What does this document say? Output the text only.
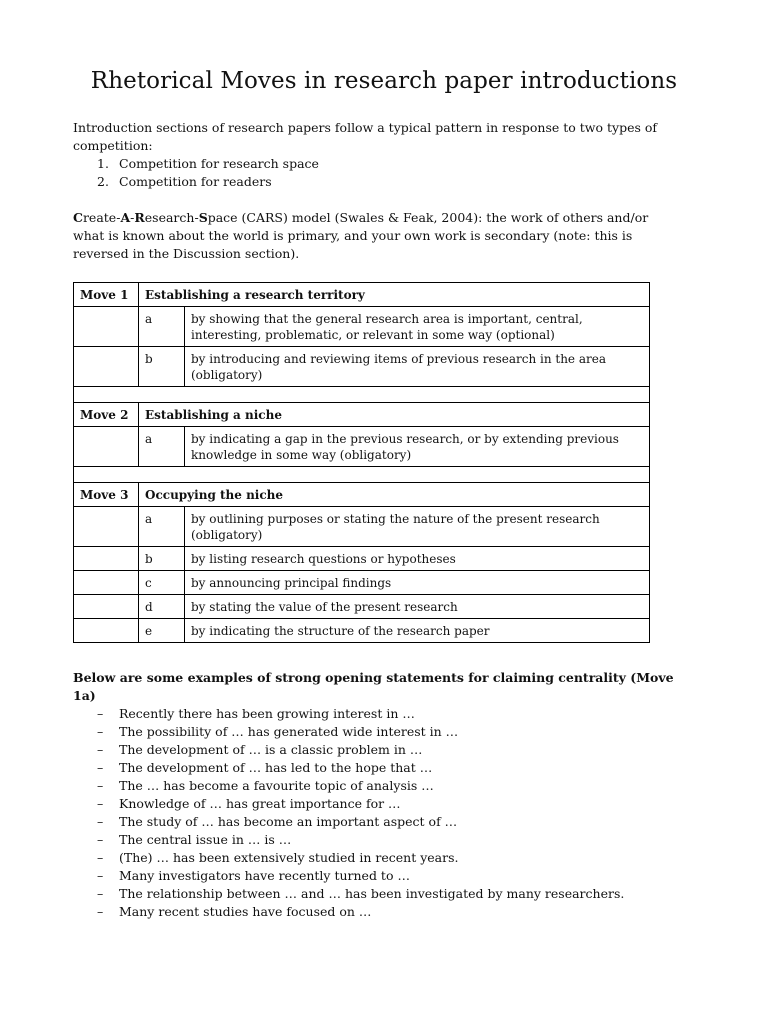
Rhetorical Moves in research paper introductions

Introduction sections of research papers follow a typical pattern in response to two types of competition:

1. Competition for research space
2. Competition for readers

Create-A-Research-Space (CARS) model (Swales & Feak, 2004): the work of others and/or what is known about the world is primary, and your own work is secondary (note: this is reversed in the Discussion section).

Move 1	Establishing a research territory	
	a	by showing that the general research area is important, central, interesting, problematic, or relevant in some way (optional)
	b	by introducing and reviewing items of previous research in the area (obligatory)

Move 2	Establishing a niche	
	a	by indicating a gap in the previous research, or by extending previous knowledge in some way (obligatory)

Move 3	Occupying the niche	
	a	by outlining purposes or stating the nature of the present research (obligatory)
	b	by listing research questions or hypotheses
	c	by announcing principal findings
	d	by stating the value of the present research
	e	by indicating the structure of the research paper

Below are some examples of strong opening statements for claiming centrality (Move 1a)

– Recently there has been growing interest in …
– The possibility of … has generated wide interest in …
– The development of … is a classic problem in …
– The development of … has led to the hope that …
– The … has become a favourite topic of analysis …
– Knowledge of … has great importance for …
– The study of … has become an important aspect of …
– The central issue in … is …
– (The) … has been extensively studied in recent years.
– Many investigators have recently turned to …
– The relationship between … and … has been investigated by many researchers.
– Many recent studies have focused on …
